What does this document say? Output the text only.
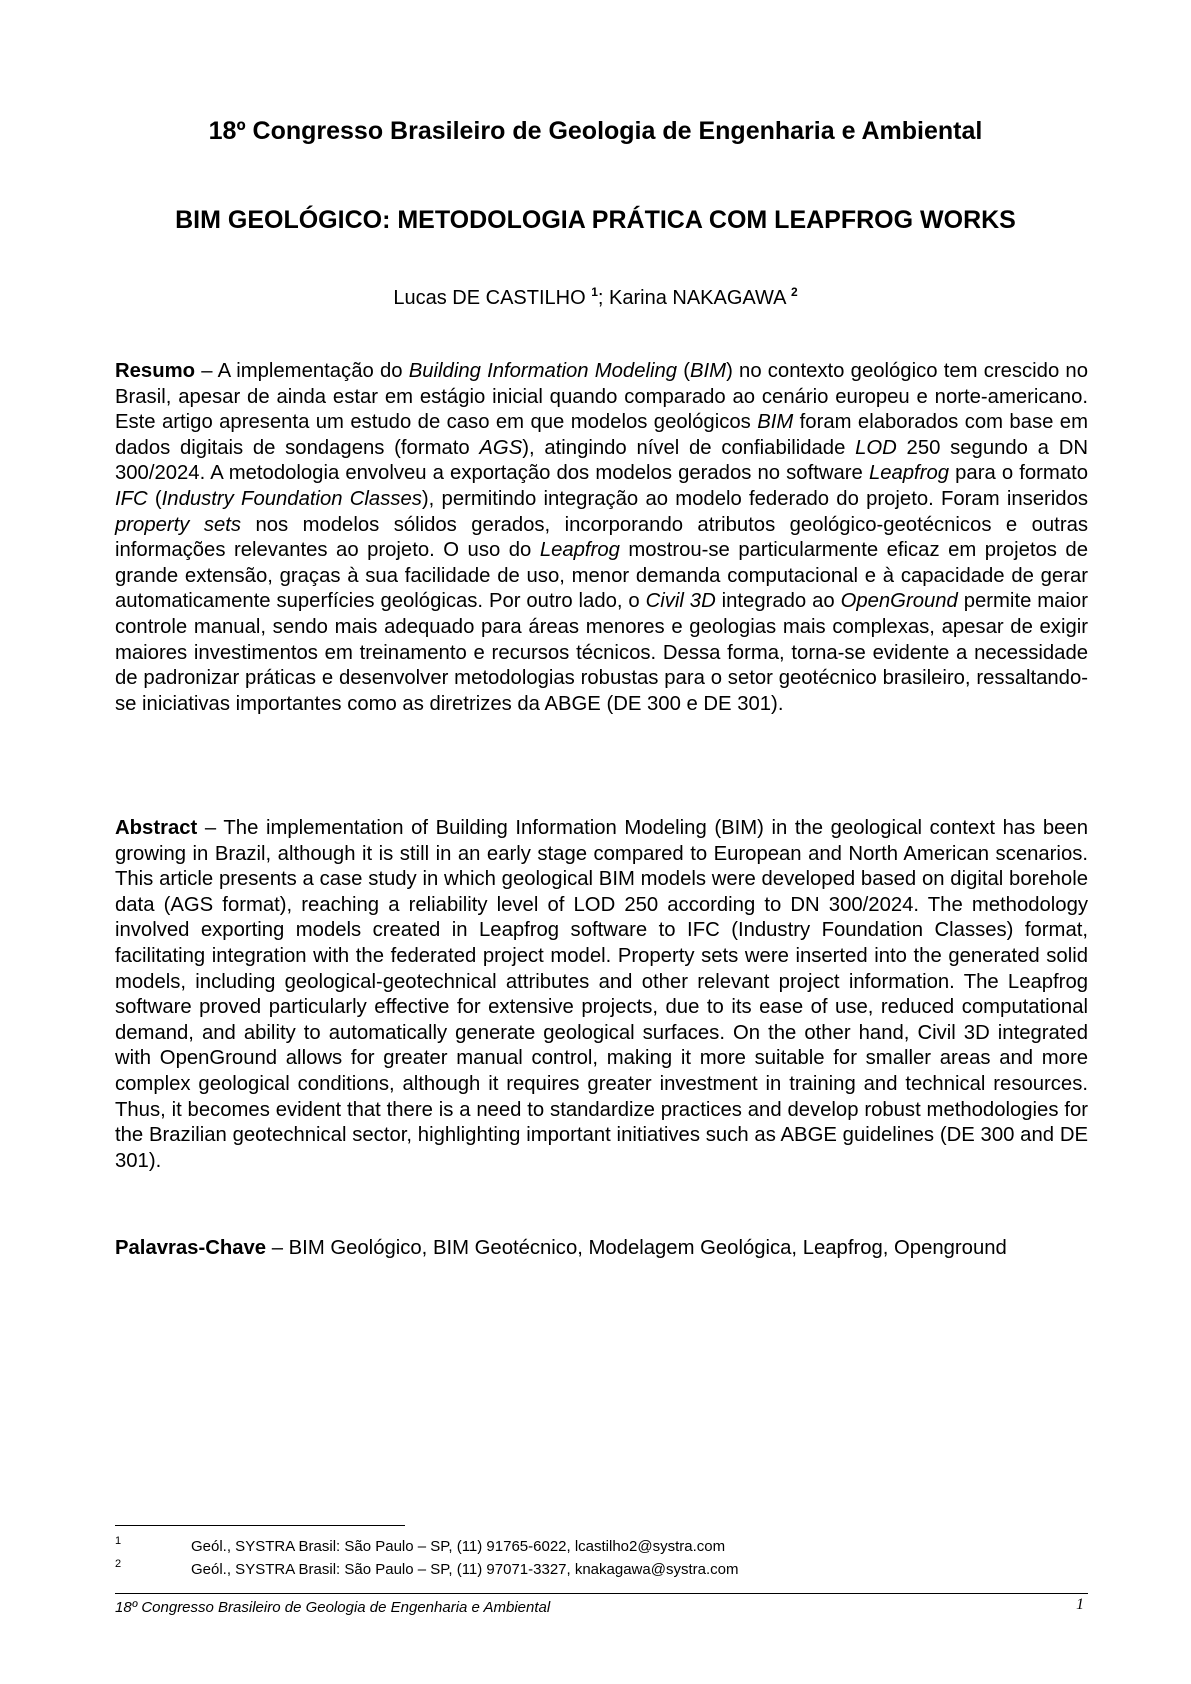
18º Congresso Brasileiro de Geologia de Engenharia e Ambiental
BIM GEOLÓGICO: METODOLOGIA PRÁTICA COM LEAPFROG WORKS
Lucas DE CASTILHO $^1$; Karina NAKAGAWA $^2$
Resumo – A implementação do Building Information Modeling (BIM) no contexto geológico tem crescido no Brasil, apesar de ainda estar em estágio inicial quando comparado ao cenário europeu e norte-americano. Este artigo apresenta um estudo de caso em que modelos geológicos BIM foram elaborados com base em dados digitais de sondagens (formato AGS), atingindo nível de confiabilidade LOD 250 segundo a DN 300/2024. A metodologia envolveu a exportação dos modelos gerados no software Leapfrog para o formato IFC (Industry Foundation Classes), permitindo integração ao modelo federado do projeto. Foram inseridos property sets nos modelos sólidos gerados, incorporando atributos geológico-geotécnicos e outras informações relevantes ao projeto. O uso do Leapfrog mostrou-se particularmente eficaz em projetos de grande extensão, graças à sua facilidade de uso, menor demanda computacional e à capacidade de gerar automaticamente superfícies geológicas. Por outro lado, o Civil 3D integrado ao OpenGround permite maior controle manual, sendo mais adequado para áreas menores e geologias mais complexas, apesar de exigir maiores investimentos em treinamento e recursos técnicos. Dessa forma, torna-se evidente a necessidade de padronizar práticas e desenvolver metodologias robustas para o setor geotécnico brasileiro, ressaltando-se iniciativas importantes como as diretrizes da ABGE (DE 300 e DE 301).
Abstract – The implementation of Building Information Modeling (BIM) in the geological context has been growing in Brazil, although it is still in an early stage compared to European and North American scenarios. This article presents a case study in which geological BIM models were developed based on digital borehole data (AGS format), reaching a reliability level of LOD 250 according to DN 300/2024. The methodology involved exporting models created in Leapfrog software to IFC (Industry Foundation Classes) format, facilitating integration with the federated project model. Property sets were inserted into the generated solid models, including geological-geotechnical attributes and other relevant project information. The Leapfrog software proved particularly effective for extensive projects, due to its ease of use, reduced computational demand, and ability to automatically generate geological surfaces. On the other hand, Civil 3D integrated with OpenGround allows for greater manual control, making it more suitable for smaller areas and more complex geological conditions, although it requires greater investment in training and technical resources. Thus, it becomes evident that there is a need to standardize practices and develop robust methodologies for the Brazilian geotechnical sector, highlighting important initiatives such as ABGE guidelines (DE 300 and DE 301).
Palavras-Chave – BIM Geológico, BIM Geotécnico, Modelagem Geológica, Leapfrog, Openground
1	Geól., SYSTRA Brasil: São Paulo – SP, (11) 91765-6022, lcastilho2@systra.com
2	Geól., SYSTRA Brasil: São Paulo – SP, (11) 97071-3327, knakagawa@systra.com
18º Congresso Brasileiro de Geologia de Engenharia e Ambiental	1
